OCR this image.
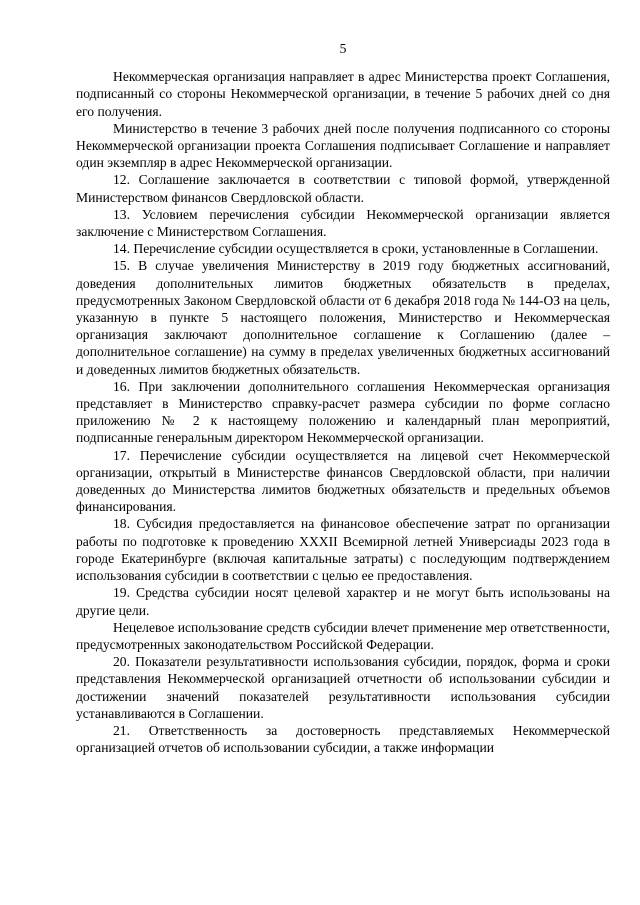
5

Некоммерческая организация направляет в адрес Министерства проект Соглашения, подписанный со стороны Некоммерческой организации, в течение 5 рабочих дней со дня его получения.

Министерство в течение 3 рабочих дней после получения подписанного со стороны Некоммерческой организации проекта Соглашения подписывает Соглашение и направляет один экземпляр в адрес Некоммерческой организации.

12. Соглашение заключается в соответствии с типовой формой, утвержденной Министерством финансов Свердловской области.

13. Условием перечисления субсидии Некоммерческой организации является заключение с Министерством Соглашения.

14. Перечисление субсидии осуществляется в сроки, установленные в Соглашении.

15. В случае увеличения Министерству в 2019 году бюджетных ассигнований, доведения дополнительных лимитов бюджетных обязательств в пределах, предусмотренных Законом Свердловской области от 6 декабря 2018 года № 144-ОЗ на цель, указанную в пункте 5 настоящего положения, Министерство и Некоммерческая организация заключают дополнительное соглашение к Соглашению (далее – дополнительное соглашение) на сумму в пределах увеличенных бюджетных ассигнований и доведенных лимитов бюджетных обязательств.

16. При заключении дополнительного соглашения Некоммерческая организация представляет в Министерство справку-расчет размера субсидии по форме согласно приложению № 2 к настоящему положению и календарный план мероприятий, подписанные генеральным директором Некоммерческой организации.

17. Перечисление субсидии осуществляется на лицевой счет Некоммерческой организации, открытый в Министерстве финансов Свердловской области, при наличии доведенных до Министерства лимитов бюджетных обязательств и предельных объемов финансирования.

18. Субсидия предоставляется на финансовое обеспечение затрат по организации работы по подготовке к проведению XXXII Всемирной летней Универсиады 2023 года в городе Екатеринбурге (включая капитальные затраты) с последующим подтверждением использования субсидии в соответствии с целью ее предоставления.

19. Средства субсидии носят целевой характер и не могут быть использованы на другие цели.

Нецелевое использование средств субсидии влечет применение мер ответственности, предусмотренных законодательством Российской Федерации.

20. Показатели результативности использования субсидии, порядок, форма и сроки представления Некоммерческой организацией отчетности об использовании субсидии и достижении значений показателей результативности использования субсидии устанавливаются в Соглашении.

21. Ответственность за достоверность представляемых Некоммерческой организацией отчетов об использовании субсидии, а также информации
